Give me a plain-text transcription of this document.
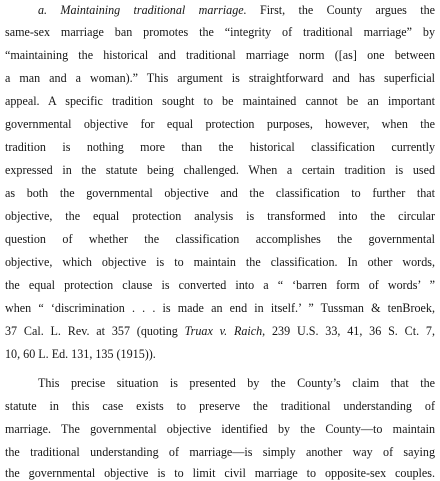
a. Maintaining traditional marriage. First, the County argues the
same-sex marriage ban promotes the “integrity of traditional marriage” by
“maintaining the historical and traditional marriage norm ([as] one between
a man and a woman).” This argument is straightforward and has superficial
appeal. A specific tradition sought to be maintained cannot be an important
governmental objective for equal protection purposes, however, when the
tradition is nothing more than the historical classification currently
expressed in the statute being challenged. When a certain tradition is used
as both the governmental objective and the classification to further that
objective, the equal protection analysis is transformed into the circular
question of whether the classification accomplishes the governmental
objective, which objective is to maintain the classification. In other words,
the equal protection clause is converted into a “ ‘barren form of words’ ”
when “ ‘discrimination . . . is made an end in itself.’ ” Tussman & tenBroek,
37 Cal. L. Rev. at 357 (quoting Truax v. Raich, 239 U.S. 33, 41, 36 S. Ct. 7,
10, 60 L. Ed. 131, 135 (1915)).
This precise situation is presented by the County’s claim that the
statute in this case exists to preserve the traditional understanding of
marriage. The governmental objective identified by the County—to maintain
the traditional understanding of marriage—is simply another way of saying
the governmental objective is to limit civil marriage to opposite-sex couples.
